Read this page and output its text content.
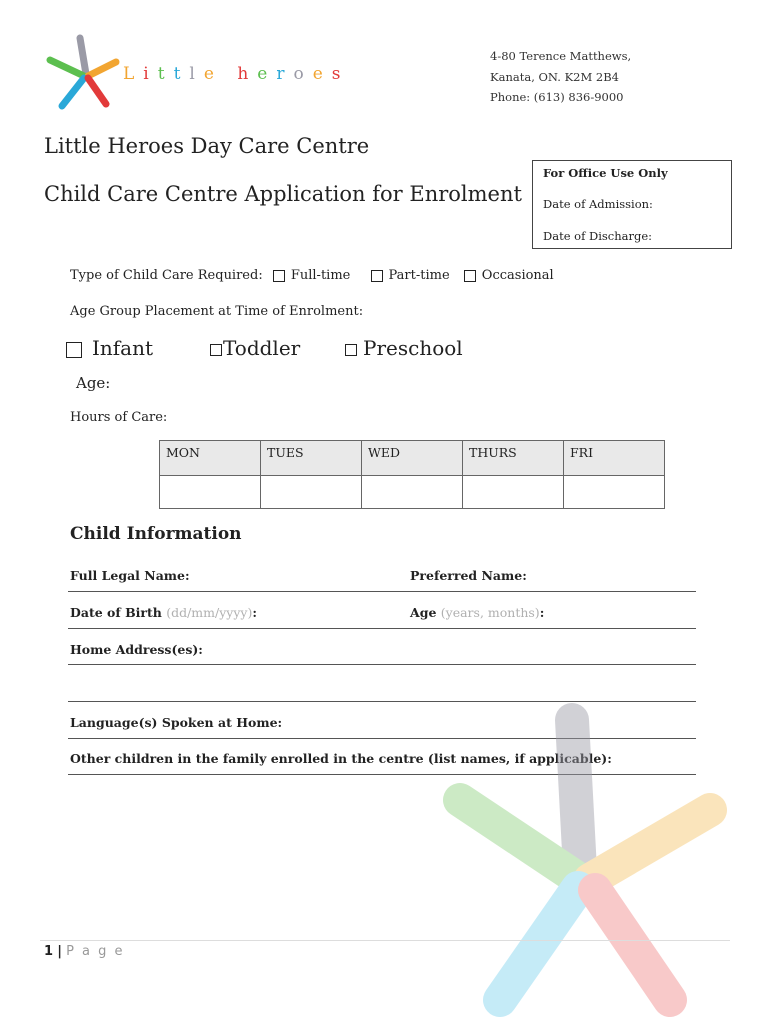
Little heroes
4-80 Terence Matthews,
Kanata, ON. K2M 2B4
Phone: (613) 836-9000
Little Heroes Day Care Centre
Child Care Centre Application for Enrolment
For Office Use Only
Date of Admission:
Date of Discharge:
Type of Child Care Required: Full-time	Part-time Occasional
Age Group Placement at Time of Enrolment:
Infant	Toddler	Preschool
Age:
Hours of Care:
MON	TUES	WED	THURS	FRI

Child Information
Full Legal Name:	Preferred Name:
Date of Birth (dd/mm/yyyy):	Age (years, months):
Home Address(es):
Language(s) Spoken at Home:
Other children in the family enrolled in the centre (list names, if applicable):
1 | P a g e
